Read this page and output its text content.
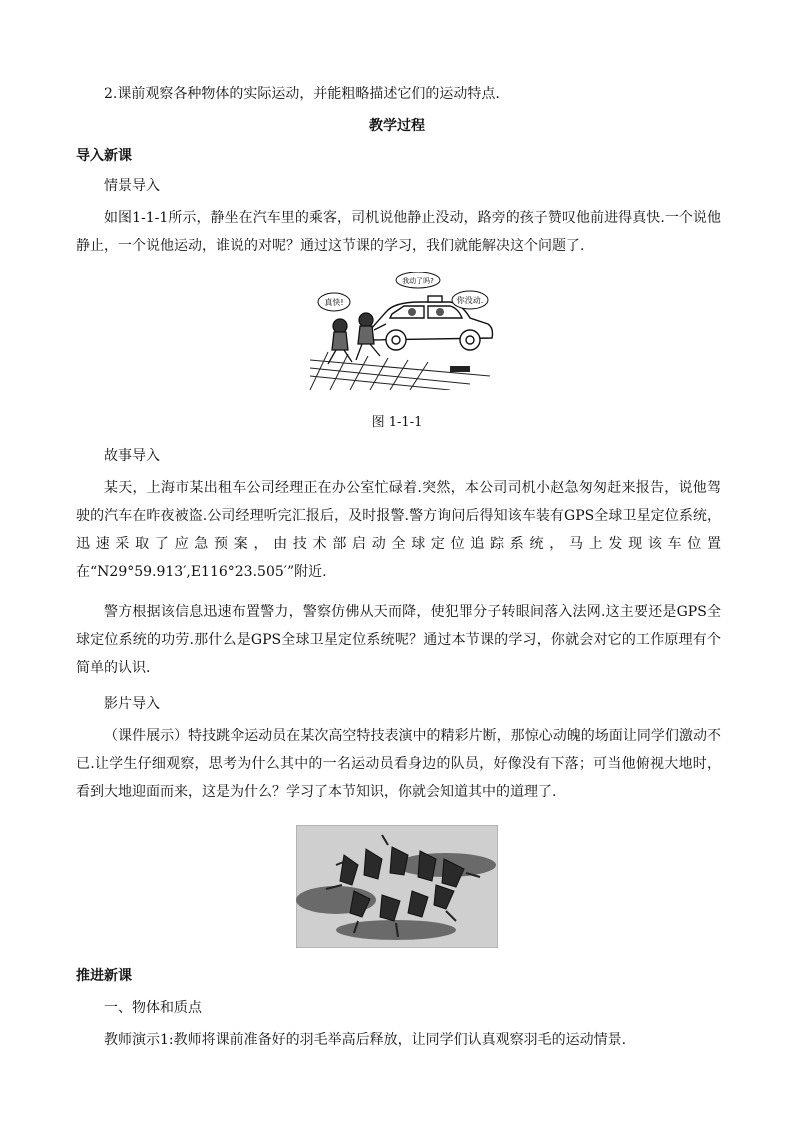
2.课前观察各种物体的实际运动，并能粗略描述它们的运动特点.

教学过程

导入新课

情景导入

如图1-1-1所示，静坐在汽车里的乘客，司机说他静止没动，路旁的孩子赞叹他前进得真快.一个说他静止，一个说他运动，谁说的对呢？通过这节课的学习，我们就能解决这个问题了.

真快!
我动了吗?
你没动.

图 1-1-1

故事导入

某天，上海市某出租车公司经理正在办公室忙碌着.突然，本公司司机小赵急匆匆赶来报告，说他驾驶的汽车在昨夜被盗.公司经理听完汇报后，及时报警.警方询问后得知该车装有GPS全球卫星定位系统，迅速采取了应急预案，由技术部启动全球定位追踪系统，马上发现该车位置在“N29°59.913′,E116°23.505′”附近.

警方根据该信息迅速布置警力，警察仿佛从天而降，使犯罪分子转眼间落入法网.这主要还是GPS全球定位系统的功劳.那什么是GPS全球卫星定位系统呢？通过本节课的学习，你就会对它的工作原理有个简单的认识.

影片导入

（课件展示）特技跳伞运动员在某次高空特技表演中的精彩片断，那惊心动魄的场面让同学们激动不已.让学生仔细观察，思考为什么其中的一名运动员看身边的队员，好像没有下落；可当他俯视大地时，看到大地迎面而来，这是为什么？学习了本节知识，你就会知道其中的道理了.

推进新课

一、物体和质点

教师演示1:教师将课前准备好的羽毛举高后释放，让同学们认真观察羽毛的运动情景.
